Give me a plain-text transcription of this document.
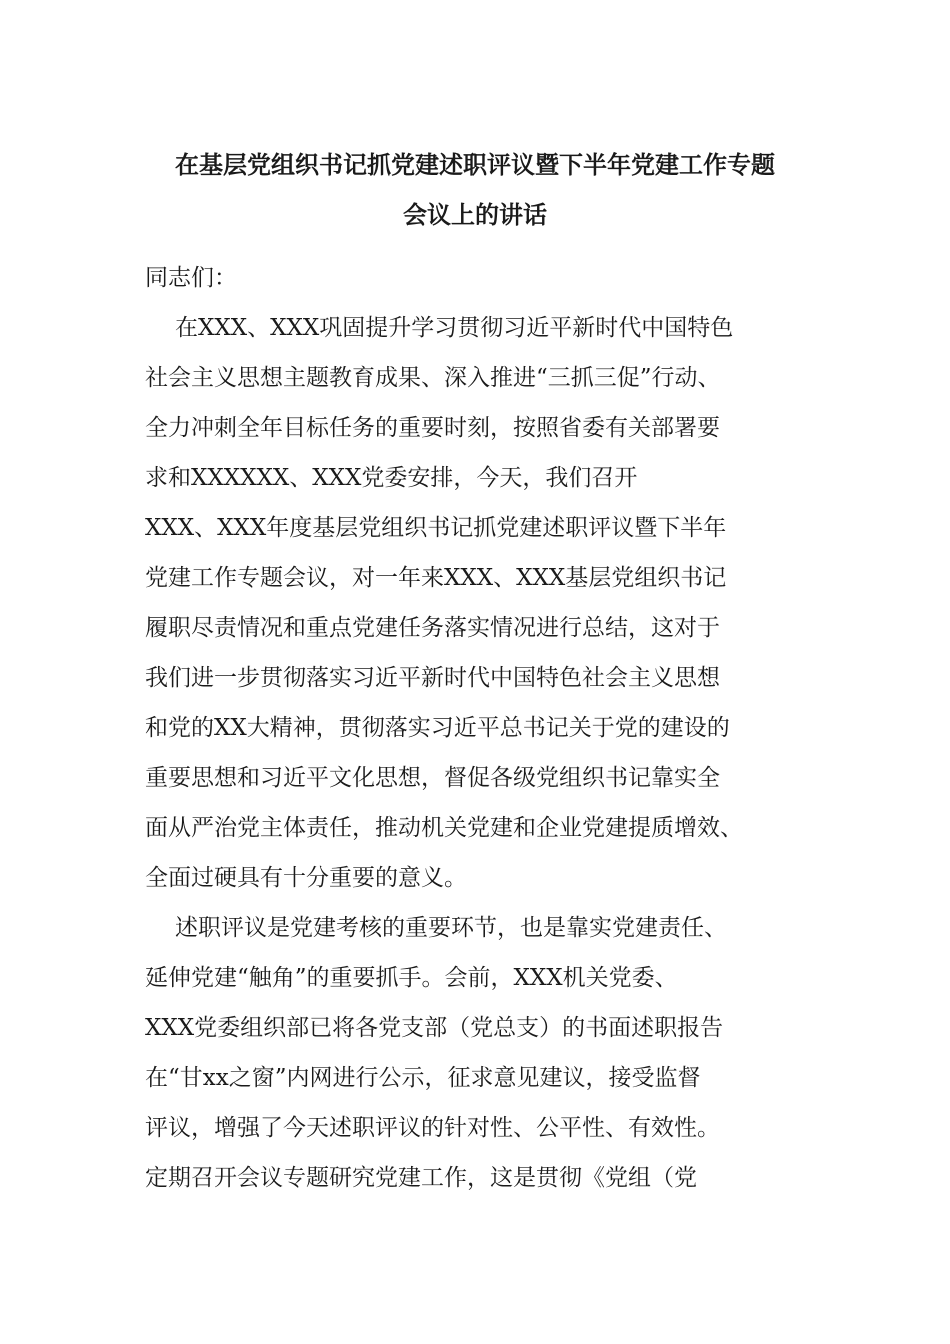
在基层党组织书记抓党建述职评议暨下半年党建工作专题
会议上的讲话
同志们：
在XXX、XXX巩固提升学习贯彻习近平新时代中国特色
社会主义思想主题教育成果、深入推进“三抓三促”行动、
全力冲刺全年目标任务的重要时刻，按照省委有关部署要
求和XXXXXX、XXX党委安排，今天，我们召开
XXX、XXX年度基层党组织书记抓党建述职评议暨下半年
党建工作专题会议，对一年来XXX、XXX基层党组织书记
履职尽责情况和重点党建任务落实情况进行总结，这对于
我们进一步贯彻落实习近平新时代中国特色社会主义思想
和党的XX大精神，贯彻落实习近平总书记关于党的建设的
重要思想和习近平文化思想，督促各级党组织书记靠实全
面从严治党主体责任，推动机关党建和企业党建提质增效、
全面过硬具有十分重要的意义。
述职评议是党建考核的重要环节，也是靠实党建责任、
延伸党建“触角”的重要抓手。会前，XXX机关党委、
XXX党委组织部已将各党支部（党总支）的书面述职报告
在“甘xx之窗”内网进行公示，征求意见建议，接受监督
评议，增强了今天述职评议的针对性、公平性、有效性。
定期召开会议专题研究党建工作，这是贯彻《党组（党
